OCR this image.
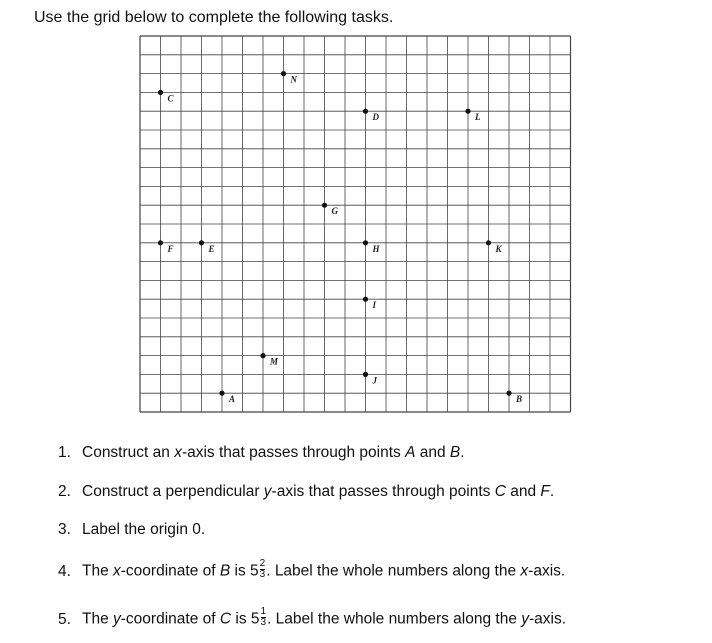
Use the grid below to complete the following tasks.
C
N
D	L
G
F	E	H	K
I
M
J
A	B
1. Construct an x-axis that passes through points A and B.
2. Construct a perpendicular y-axis that passes through points C and F.
3. Label the origin 0.
4. The x-coordinate of B is $5 \frac{2}{3}$ . Label the whole numbers along the x-axis.
5. The y-coordinate of C is $5 \frac{1}{3}$ . Label the whole numbers along the y-axis.
